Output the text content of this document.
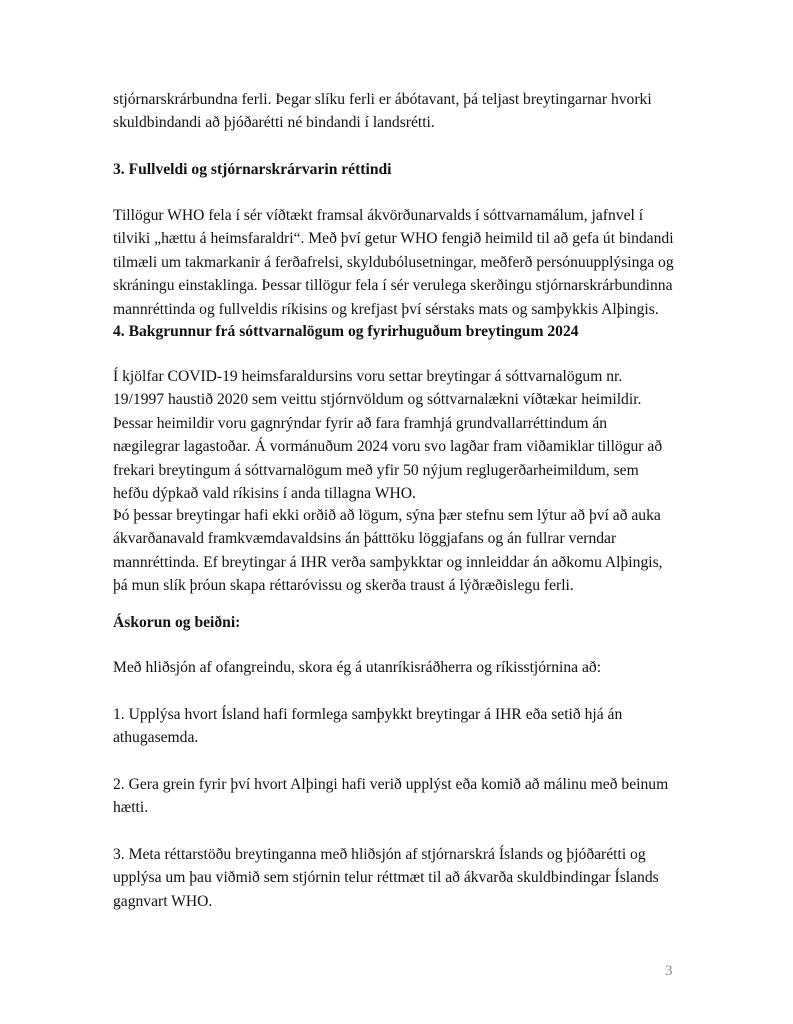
stjórnarskrárbundna ferli. Þegar slíku ferli er ábótavant, þá teljast breytingarnar hvorki
skuldbindandi að þjóðarétti né bindandi í landsrétti.
3. Fullveldi og stjórnarskrárvarin réttindi
Tillögur WHO fela í sér víðtækt framsal ákvörðunarvalds í sóttvarnamálum, jafnvel í
tilviki „hættu á heimsfaraldri“. Með því getur WHO fengið heimild til að gefa út bindandi
tilmæli um takmarkanir á ferðafrelsi, skyldubólusetningar, meðferð persónuupplýsinga og
skráningu einstaklinga. Þessar tillögur fela í sér verulega skerðingu stjórnarskrárbundinna
mannréttinda og fullveldis ríkisins og krefjast því sérstaks mats og samþykkis Alþingis.
4. Bakgrunnur frá sóttvarnalögum og fyrirhuguðum breytingum 2024
Í kjölfar COVID-19 heimsfaraldursins voru settar breytingar á sóttvarnalögum nr.
19/1997 haustið 2020 sem veittu stjórnvöldum og sóttvarnalækni víðtækar heimildir.
Þessar heimildir voru gagnrýndar fyrir að fara framhjá grundvallarréttindum án
nægilegrar lagastoðar. Á vormánuðum 2024 voru svo lagðar fram viðamiklar tillögur að
frekari breytingum á sóttvarnalögum með yfir 50 nýjum reglugerðarheimildum, sem
hefðu dýpkað vald ríkisins í anda tillagna WHO.
Þó þessar breytingar hafi ekki orðið að lögum, sýna þær stefnu sem lýtur að því að auka
ákvarðanavald framkvæmdavaldsins án þátttöku löggjafans og án fullrar verndar
mannréttinda. Ef breytingar á IHR verða samþykktar og innleiddar án aðkomu Alþingis,
þá mun slík þróun skapa réttaróvissu og skerða traust á lýðræðislegu ferli.
Áskorun og beiðni:
Með hliðsjón af ofangreindu, skora ég á utanríkisráðherra og ríkisstjórnina að:
1. Upplýsa hvort Ísland hafi formlega samþykkt breytingar á IHR eða setið hjá án
athugasemda.
2. Gera grein fyrir því hvort Alþingi hafi verið upplýst eða komið að málinu með beinum
hætti.
3. Meta réttarstöðu breytinganna með hliðsjón af stjórnarskrá Íslands og þjóðarétti og
upplýsa um þau viðmið sem stjórnin telur réttmæt til að ákvarða skuldbindingar Íslands
gagnvart WHO.
3
